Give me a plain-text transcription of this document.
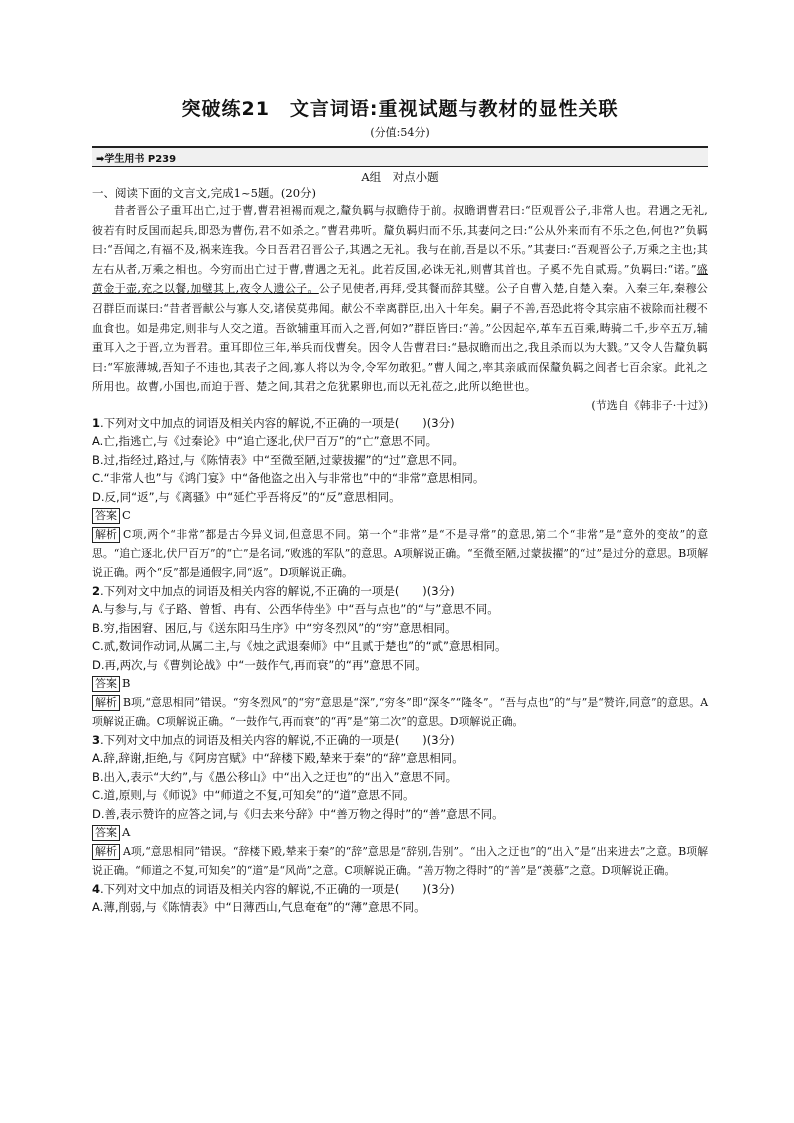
突破练21　文言词语:重视试题与教材的显性关联

(分值:54分)

➡学生用书 P239

A组　对点小题

一、阅读下面的文言文,完成1~5题。(20分)

昔者晋公子重耳出亡,过于曹,曹君袒裼而观之,釐负羁与叔瞻侍于前。叔瞻谓曹君曰:“臣观晋公子,非常人也。君遇之无礼,彼若有时反国而起兵,即恐为曹伤,君不如杀之。”曹君弗听。釐负羁归而不乐,其妻问之曰:“公从外来而有不乐之色,何也?”负羁曰:“吾闻之,有福不及,祸来连我。今日吾君召晋公子,其遇之无礼。我与在前,吾是以不乐。”其妻曰:“吾观晋公子,万乘之主也;其左右从者,万乘之相也。今穷而出亡过于曹,曹遇之无礼。此若反国,必诛无礼,则曹其首也。子奚不先自贰焉。”负羁曰:“诺。”盛黄金于壶,充之以餐,加璧其上,夜令人遗公子。公子见使者,再拜,受其餐而辞其璧。公子自曹入楚,自楚入秦。入秦三年,秦穆公召群臣而谋曰:“昔者晋献公与寡人交,诸侯莫弗闻。献公不幸离群臣,出入十年矣。嗣子不善,吾恐此将令其宗庙不祓除而社稷不血食也。如是弗定,则非与人交之道。吾欲辅重耳而入之晋,何如?”群臣皆曰:“善。”公因起卒,革车五百乘,畴骑二千,步卒五万,辅重耳入之于晋,立为晋君。重耳即位三年,举兵而伐曹矣。因令人告曹君曰:“悬叔瞻而出之,我且杀而以为大戮。”又令人告釐负羁曰:“军旅薄城,吾知子不违也,其表子之闾,寡人将以为令,令军勿敢犯。”曹人闻之,率其亲戚而保釐负羁之闾者七百余家。此礼之所用也。故曹,小国也,而迫于晋、楚之间,其君之危犹累卵也,而以无礼莅之,此所以绝世也。

(节选自《韩非子·十过》)

1.下列对文中加点的词语及相关内容的解说,不正确的一项是(　　)(3分)

A.亡,指逃亡,与《过秦论》中“追亡逐北,伏尸百万”的“亡”意思不同。

B.过,指经过,路过,与《陈情表》中“至微至陋,过蒙拔擢”的“过”意思不同。

C.“非常人也”与《鸿门宴》中“备他盗之出入与非常也”中的“非常”意思相同。

D.反,同“返”,与《离骚》中“延伫乎吾将反”的“反”意思相同。

答案 C

解析 C项,两个“非常”都是古今异义词,但意思不同。第一个“非常”是“不是寻常”的意思,第二个“非常”是“意外的变故”的意思。“追亡逐北,伏尸百万”的“亡”是名词,“败逃的军队”的意思。A项解说正确。“至微至陋,过蒙拔擢”的“过”是过分的意思。B项解说正确。两个“反”都是通假字,同“返”。D项解说正确。

2.下列对文中加点的词语及相关内容的解说,不正确的一项是(　　)(3分)

A.与参与,与《子路、曾皙、冉有、公西华侍坐》中“吾与点也”的“与”意思不同。

B.穷,指困窘、困厄,与《送东阳马生序》中“穷冬烈风”的“穷”意思相同。

C.贰,数词作动词,从属二主,与《烛之武退秦师》中“且贰于楚也”的“贰”意思相同。

D.再,两次,与《曹刿论战》中“一鼓作气,再而衰”的“再”意思不同。

答案 B

解析 B项,“意思相同”错误。“穷冬烈风”的“穷”意思是“深”,“穷冬”即“深冬”“隆冬”。“吾与点也”的“与”是“赞许,同意”的意思。A项解说正确。C项解说正确。“一鼓作气,再而衰”的“再”是“第二次”的意思。D项解说正确。

3.下列对文中加点的词语及相关内容的解说,不正确的一项是(　　)(3分)

A.辞,辞谢,拒绝,与《阿房宫赋》中“辞楼下殿,辇来于秦”的“辞”意思相同。

B.出入,表示“大约”,与《愚公移山》中“出入之迂也”的“出入”意思不同。

C.道,原则,与《师说》中“师道之不复,可知矣”的“道”意思不同。

D.善,表示赞许的应答之词,与《归去来兮辞》中“善万物之得时”的“善”意思不同。

答案 A

解析 A项,“意思相同”错误。“辞楼下殿,辇来于秦”的“辞”意思是“辞别,告别”。“出入之迂也”的“出入”是“出来进去”之意。B项解说正确。“师道之不复,可知矣”的“道”是“风尚”之意。C项解说正确。“善万物之得时”的“善”是“羡慕”之意。D项解说正确。

4.下列对文中加点的词语及相关内容的解说,不正确的一项是(　　)(3分)

A.薄,削弱,与《陈情表》中“日薄西山,气息奄奄”的“薄”意思不同。
